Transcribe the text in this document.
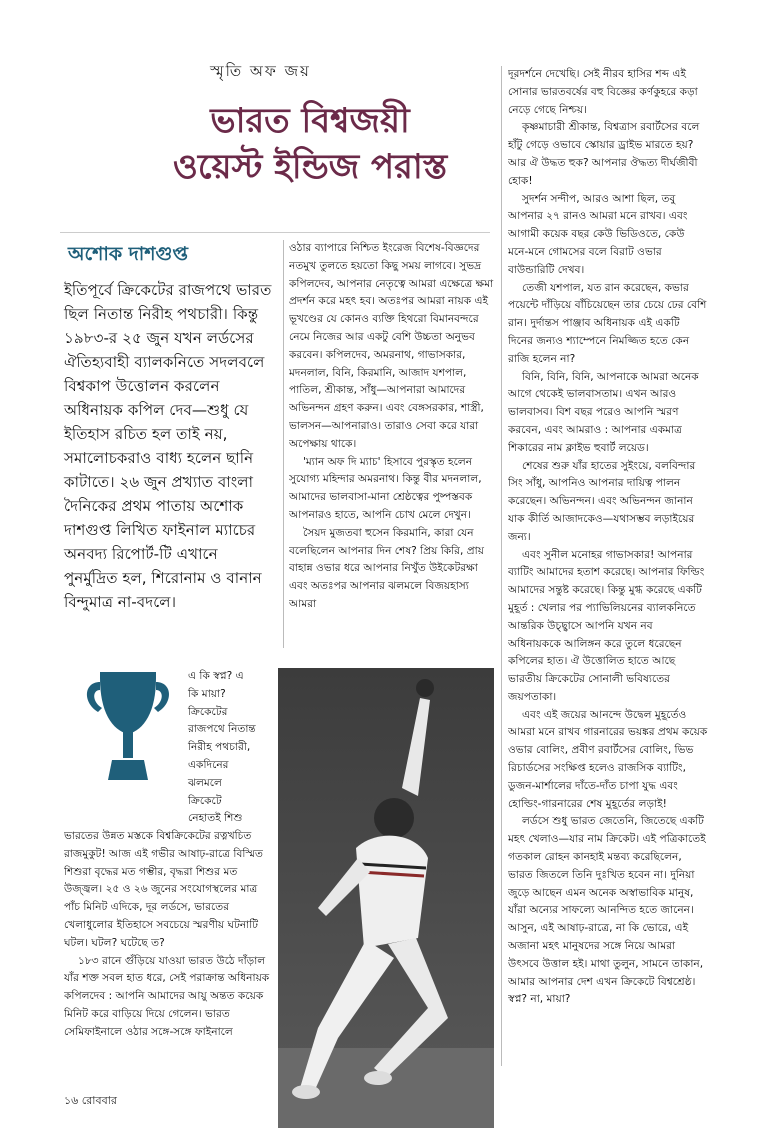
স্মৃতি অফ জয়
ভারত বিশ্বজয়ী
ওয়েস্ট ইন্ডিজ পরাস্ত
অশোক দাশগুপ্ত
ইতিপূর্বে ক্রিকেটের রাজপথে ভারত ছিল নিতান্ত নিরীহ পথচারী। কিন্তু ১৯৮৩-র ২৫ জুন যখন লর্ডসের ঐতিহ্যবাহী ব্যালকনিতে সদলবলে বিশ্বকাপ উত্তোলন করলেন অধিনায়ক কপিল দেব—শুধু যে ইতিহাস রচিত হল তাই নয়, সমালোচকরাও বাধ্য হলেন ছানি কাটাতে। ২৬ জুন প্রখ্যাত বাংলা দৈনিকের প্রথম পাতায় অশোক দাশগুপ্ত লিখিত ফাইনাল ম্যাচের অনবদ্য রিপোর্ট-টি এখানে পুনর্মুদ্রিত হল, শিরোনাম ও বানান বিন্দুমাত্র না-বদলে।

ওঠার ব্যাপারে নিশ্চিত ইংরেজ বিশেষ-বিজ্ঞদের নতমুখ তুলতে হয়তো কিছু সময় লাগবে। সুভদ্র কপিলদেব, আপনার নেতৃত্বে আমরা এক্ষেত্রে ক্ষমা প্রদর্শন করে মহৎ হব। অতঃপর আমরা নায়ক এই ভূখণ্ডের যে কোনও ব্যক্তি হিথরো বিমানবন্দরে নেমে নিজের আর একটু বেশি উচ্চতা অনুভব করবেন। কপিলদেব, অমরনাথ, গাভাসকার, মদনলাল, বিনি, কিরমানি, আজাদ যশপাল, পাতিল, শ্রীকান্ত, সাঁধু—আপনারা আমাদের অভিনন্দন গ্রহণ করুন। এবং বেঙ্গসরকার, শাস্ত্রী, ভালসন—আপনারাও। তারাও সেবা করে যারা অপেক্ষায় থাকে।

'ম্যান অফ দি ম্যাচ' হিসাবে পুরস্কৃত হলেন সুযোগ্য মহিন্দার অমরনাথ। কিন্তু বীর মদনলাল, আমাদের ভালবাসা-মানা শ্রেষ্ঠত্বের পুষ্পস্তবক আপনারও হাতে, আপনি চোখ মেলে দেখুন।

সৈয়দ মুজতবা হুসেন কিরমানি, কারা যেন বলেছিলেন আপনার দিন শেষ? প্রিয় কিরি, প্রায় বাহান্ন ওভার ধরে আপনার নিখুঁত উইকেটরক্ষা এবং অতঃপর আপনার ঝলমলে বিজয়হাস্য আমরা

দূরদর্শনে দেখেছি। সেই নীরব হাসির শব্দ এই সোনার ভারতবর্ষের বহু বিজ্ঞের কর্ণকুহরে কড়া নেড়ে গেছে নিশ্চয়।

কৃষ্ণমাচারী শ্রীকান্ত, বিশ্বত্রাস রবার্টসের বলে হাঁটু গেড়ে ওভাবে স্কোয়ার ড্রাইভ মারতে হয়? আর ঐ উদ্ধত হুক? আপনার ঔদ্ধত্য দীর্ঘজীবী হোক!

সুদর্শন সন্দীপ, আরও আশা ছিল, তবু আপনার ২৭ রানও আমরা মনে রাখব। এবং আগামী কয়েক বছর কেউ ভিডিওতে, কেউ মনে-মনে গোমসের বলে বিরাট ওভার বাউন্ডারিটি দেখব।

তেজী যশপাল, যত রান করেছেন, কভার পয়েন্টে দাঁড়িয়ে বাঁচিয়েছেন তার চেয়ে ঢের বেশি রান। দুর্দান্তস পাঞ্জাব অধিনায়ক এই একটি দিনের জন্যও শ্যাম্পেনে নিমজ্জিত হতে কেন রাজি হলেন না?

বিনি, বিনি, বিনি, আপনাকে আমরা অনেক আগে থেকেই ভালবাসতাম। এখন আরও ভালবাসব। বিশ বছর পরেও আপনি স্মরণ করবেন, এবং আমরাও : আপনার একমাত্র শিকারের নাম ক্লাইভ হুবার্ট লয়েড।

শেষের শুরু যাঁর হাতের সুইংয়ে, বলবিন্দার সিং সাঁধু, আপনিও আপনার দায়িত্ব পালন করেছেন। অভিনন্দন। এবং অভিনন্দন জানান যাক কীর্তি আজাদকেও—যথাসম্ভব লড়াইয়ের জন্য।

এবং সুনীল মনোহর গাভাসকার! আপনার ব্যাটিং আমাদের হতাশ করেছে। আপনার ফিল্ডিং আমাদের সন্তুষ্ট করেছে। কিন্তু মুগ্ধ করেছে একটি মুহূর্ত : খেলার পর প্যাভিলিয়নের ব্যালকনিতে আন্তরিক উচ্ছ্বাসে আপনি যখন নব অধিনায়ককে আলিঙ্গন করে তুলে ধরেছেন কপিলের হাত। ঐ উত্তোলিত হাতে আছে ভারতীয় ক্রিকেটের সোনালী ভবিষ্যতের জয়পতাকা।

এবং এই জয়ের আনন্দে উদ্বেল মুহূর্তেও আমরা মনে রাখব গারনারের ভয়ঙ্কর প্রথম কয়েক ওভার বোলিং, প্রবীণ রবার্টসের বোলিং, ভিভ রিচার্ডসের সংক্ষিপ্ত হলেও রাজসিক ব্যাটিং, ডুজন-মার্শালের দাঁতে-দাঁত চাপা যুদ্ধ এবং হোল্ডিং-গারনারের শেষ মুহূর্তের লড়াই!

লর্ডসে শুধু ভারত জেতেনি, জিতেছে একটি মহৎ খেলাও—যার নাম ক্রিকেট। এই পত্রিকাতেই গতকাল রোহন কানহাই মন্তব্য করেছিলেন, ভারত জিতলে তিনি দুঃখিত হবেন না। দুনিয়া জুড়ে আছেন এমন অনেক অস্বাভাবিক মানুষ, যাঁরা অন্যের সাফল্যে আনন্দিত হতে জানেন। আসুন, এই আষাঢ়-রাত্রে, না কি ভোরে, এই অজানা মহৎ মানুষদের সঙ্গে নিয়ে আমরা উৎসবে উত্তাল হই। মাথা তুলুন, সামনে তাকান, আমার আপনার দেশ এখন ক্রিকেটে বিশ্বশ্রেষ্ঠ। স্বপ্ন? না, মায়া?

এ কি স্বপ্ন? এ
কি মায়া?
ক্রিকেটের
রাজপথে নিতান্ত
নিরীহ পথচারী,
একদিনের
ঝলমলে
ক্রিকেটে
নেহাতই শিশু

ভারতের উন্নত মস্তকে বিশ্বক্রিকেটের রত্নখচিত রাজমুকুট! আজ এই গভীর আষাঢ়-রাত্রে বিস্মিত শিশুরা বৃদ্ধের মত গম্ভীর, বৃদ্ধরা শিশুর মত উজ্জ্বল। ২৫ ও ২৬ জুনের সংযোগস্থলের মাত্র পাঁচ মিনিট এদিকে, দূর লর্ডসে, ভারতের খেলাধুলোর ইতিহাসে সবচেয়ে স্মরণীয় ঘটনাটি ঘটল। ঘটল? ঘটেছে ত?

১৮৩ রানে গুঁড়িয়ে যাওয়া ভারত উঠে দাঁড়াল যাঁর শক্ত সবল হাত ধরে, সেই পরাক্রান্ত অধিনায়ক কপিলদেব : আপনি আমাদের আয়ু অন্তত কয়েক মিনিট করে বাড়িয়ে দিয়ে গেলেন। ভারত সেমিফাইনালে ওঠার সঙ্গে-সঙ্গে ফাইনালে

১৬ রোববার
